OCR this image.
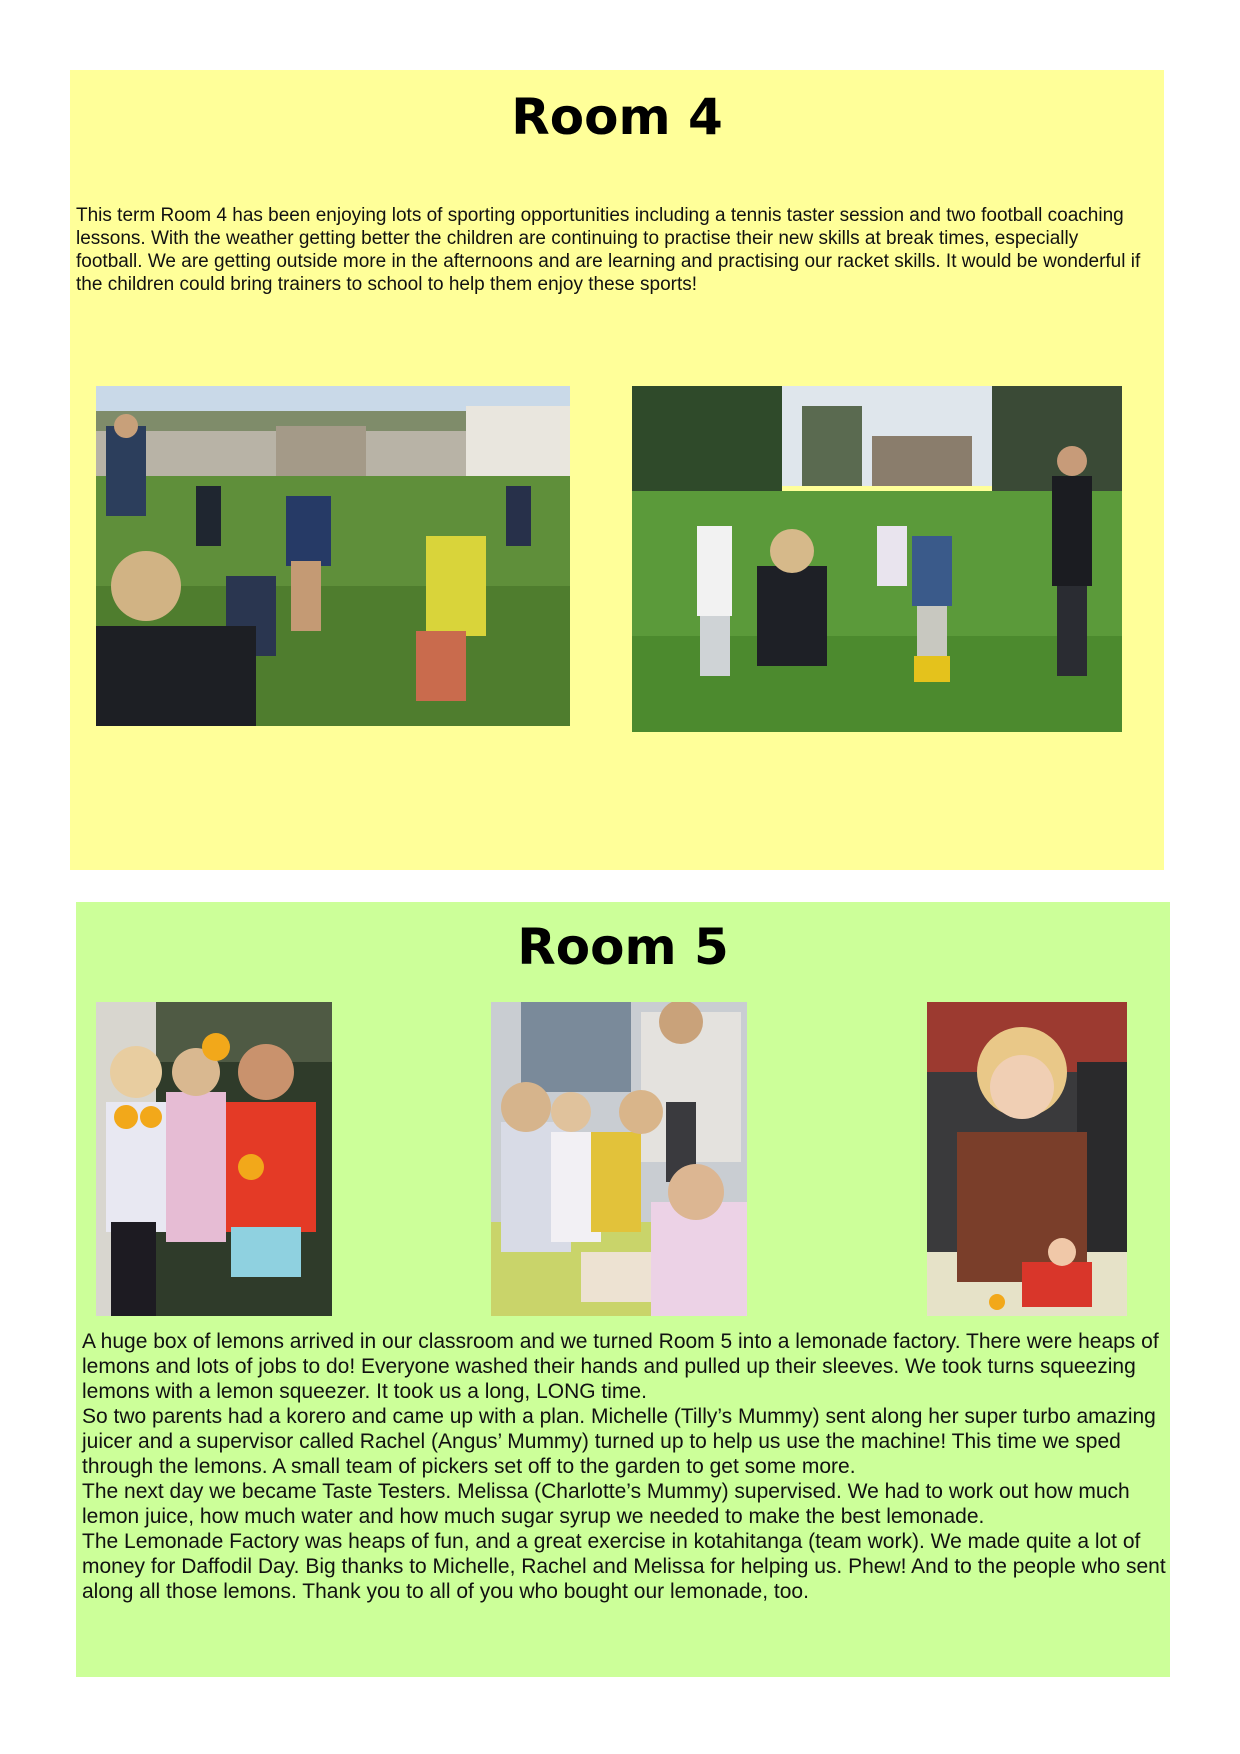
Room 4

This term Room 4 has been enjoying lots of sporting opportunities including a tennis taster session and two football coaching lessons. With the weather getting better the children are continuing to practise their new skills at break times, especially football. We are getting outside more in the afternoons and are learning and practising our racket skills. It would be wonderful if the children could bring trainers to school to help them enjoy these sports!

Room 5
A huge box of lemons arrived in our classroom and we turned Room 5 into a lemonade factory. There were heaps of lemons and lots of jobs to do! Everyone washed their hands and pulled up their sleeves. We took turns squeezing lemons with a lemon squeezer. It took us a long, LONG time.
So two parents had a korero and came up with a plan. Michelle (Tilly’s Mummy) sent along her super turbo amazing juicer and a supervisor called Rachel (Angus’ Mummy) turned up to help us use the machine! This time we sped through the lemons. A small team of pickers set off to the garden to get some more.
The next day we became Taste Testers. Melissa (Charlotte’s Mummy) supervised. We had to work out how much lemon juice, how much water and how much sugar syrup we needed to make the best lemonade.
The Lemonade Factory was heaps of fun, and a great exercise in kotahitanga (team work). We made quite a lot of money for Daffodil Day. Big thanks to Michelle, Rachel and Melissa for helping us. Phew! And to the people who sent along all those lemons. Thank you to all of you who bought our lemonade, too.
